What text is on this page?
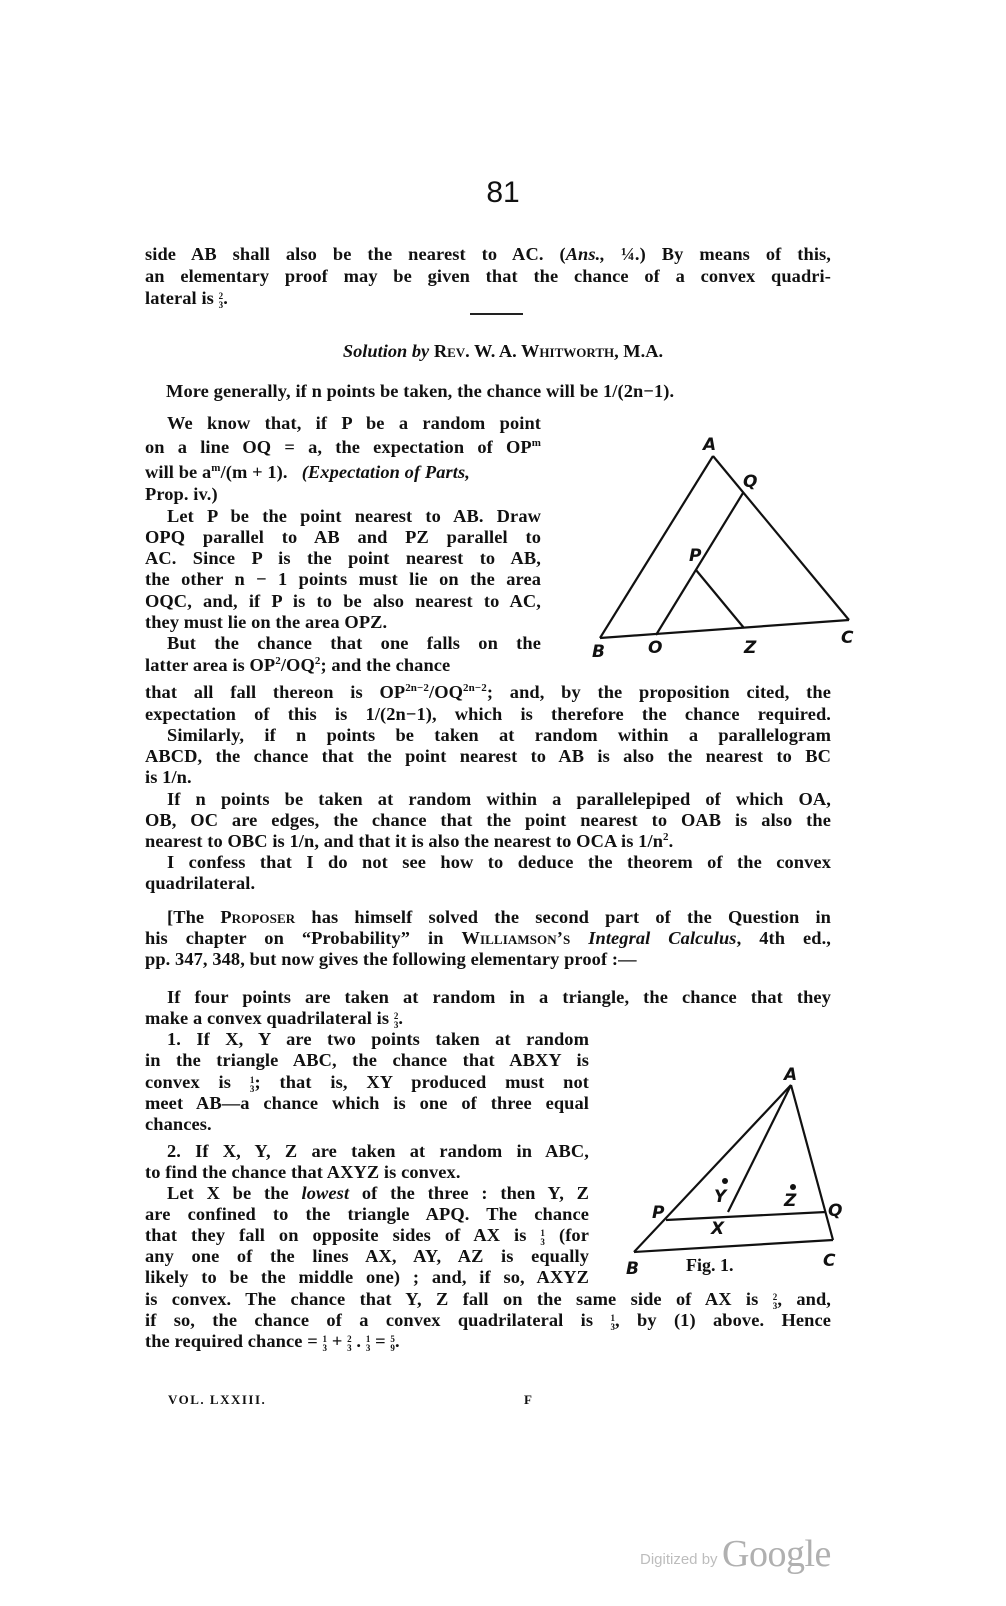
81
side AB shall also be the nearest to AC. (Ans., ¼.) By means of this,
an elementary proof may be given that the chance of a convex quadri-
lateral is 2
3 .
Solution by Rev. W. A. Whitworth, M.A.
More generally, if n points be taken, the chance will be 1/(2n−1).
We know that, if P be a random point
on a line OQ = a, the expectation of $OP^m$
will be $a^m/(m + 1)$. (Expectation of Parts,
Prop. iv.)
Let P be the point nearest to AB. Draw
OPQ parallel to AB and PZ parallel to
AC. Since P is the point nearest to AB,
the other n − 1 points must lie on the area
OQC, and, if P is to be also nearest to AC,
they must lie on the area OPZ.
But the chance that one falls on the
latter area is $OP^2/OQ^2$; and the chance
that all fall thereon is $OP^{2n-2}/OQ^{2n-2}$; and, by the proposition cited, the
expectation of this is 1/(2n−1), which is therefore the chance required.
Similarly, if n points be taken at random within a parallelogram
ABCD, the chance that the point nearest to AB is also the nearest to BC
is 1/n.
If n points be taken at random within a parallelepiped of which OA,
OB, OC are edges, the chance that the point nearest to OAB is also the
nearest to OBC is 1/n, and that it is also the nearest to OCA is $1/n^2$.
I confess that I do not see how to deduce the theorem of the convex
quadrilateral.
[The Proposer has himself solved the second part of the Question in
his chapter on “Probability” in Williamson’s Integral Calculus, 4th ed.,
pp. 347, 348, but now gives the following elementary proof :—
If four points are taken at random in a triangle, the chance that they
make a convex quadrilateral is 2
3 .
1. If X, Y are two points taken at random
in the triangle ABC, the chance that ABXY is
convex is 1
3 ; that is, XY produced must not
meet AB—a chance which is one of three equal
chances.
2. If X, Y, Z are taken at random in ABC,
to find the chance that AXYZ is convex.
Let X be the lowest of the three : then Y, Z
are confined to the triangle APQ. The chance
that they fall on opposite sides of AX is 1
3 (for
any one of the lines AX, AY, AZ is equally
likely to be the middle one) ; and, if so, AXYZ
is convex. The chance that Y, Z fall on the same side of AX is 2
3 , and,
if so, the chance of a convex quadrilateral is 1
3 , by (1) above. Hence
the required chance = 1
3 + 2
3 . 1
3 = 5
9 .
A
Q
P
B	O	Z	C
A
Y	Z
P	Q
X
B	C
Fig. 1.
VOL. LXXIII.	F
Digitized by Google
